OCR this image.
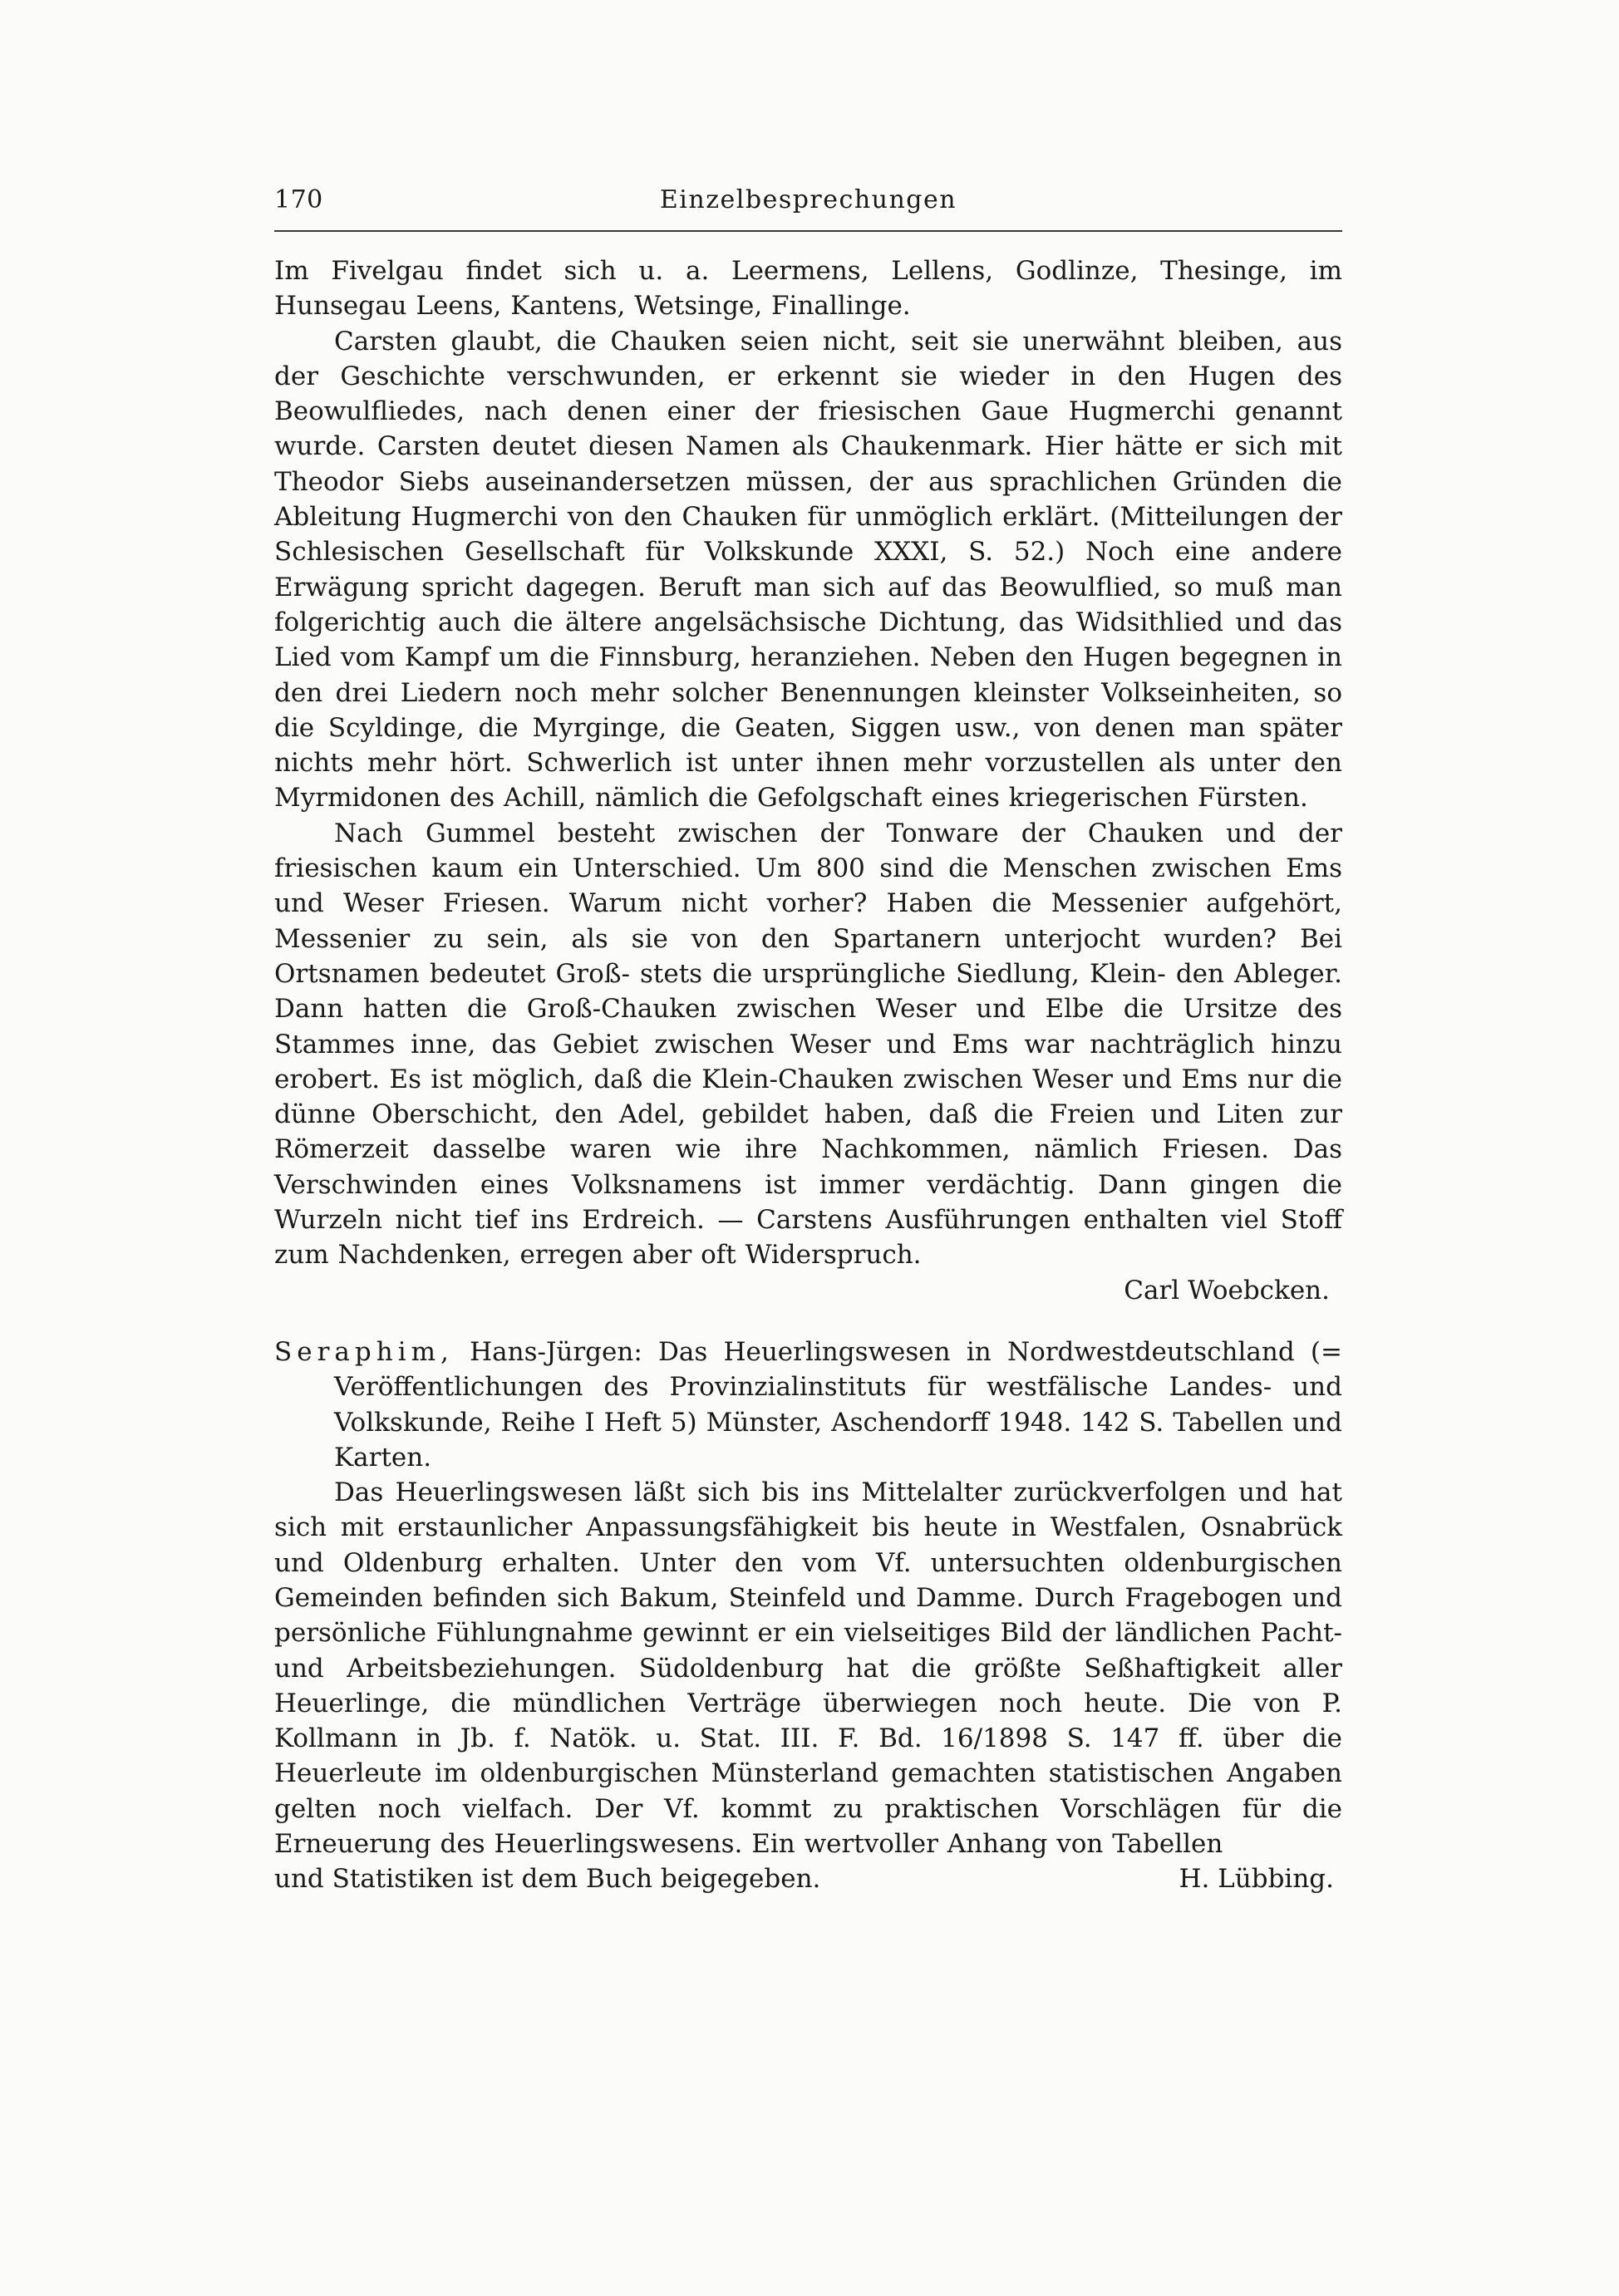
Einzelbesprechungen
170

Im Fivelgau findet sich u. a. Leermens, Lellens, Godlinze, Thesinge, im Hunsegau Leens, Kantens, Wetsinge, Finallinge.

Carsten glaubt, die Chauken seien nicht, seit sie unerwähnt bleiben, aus der Geschichte verschwunden, er erkennt sie wieder in den Hugen des Beowulfliedes, nach denen einer der friesischen Gaue Hugmerchi genannt wurde. Carsten deutet diesen Namen als Chaukenmark. Hier hätte er sich mit Theodor Siebs auseinandersetzen müssen, der aus sprachlichen Gründen die Ableitung Hugmerchi von den Chauken für unmöglich erklärt. (Mitteilungen der Schlesischen Gesellschaft für Volkskunde XXXI, S. 52.) Noch eine andere Erwägung spricht dagegen. Beruft man sich auf das Beowulflied, so muß man folgerichtig auch die ältere angelsächsische Dichtung, das Widsithlied und das Lied vom Kampf um die Finnsburg, heranziehen. Neben den Hugen begegnen in den drei Liedern noch mehr solcher Benennungen kleinster Volkseinheiten, so die Scyldinge, die Myrginge, die Geaten, Siggen usw., von denen man später nichts mehr hört. Schwerlich ist unter ihnen mehr vorzustellen als unter den Myrmidonen des Achill, nämlich die Gefolgschaft eines kriegerischen Fürsten.

Nach Gummel besteht zwischen der Tonware der Chauken und der friesischen kaum ein Unterschied. Um 800 sind die Menschen zwischen Ems und Weser Friesen. Warum nicht vorher? Haben die Messenier aufgehört, Messenier zu sein, als sie von den Spartanern unterjocht wurden? Bei Ortsnamen bedeutet Groß- stets die ursprüngliche Siedlung, Klein- den Ableger. Dann hatten die Groß-Chauken zwischen Weser und Elbe die Ursitze des Stammes inne, das Gebiet zwischen Weser und Ems war nachträglich hinzu erobert. Es ist möglich, daß die Klein-Chauken zwischen Weser und Ems nur die dünne Oberschicht, den Adel, gebildet haben, daß die Freien und Liten zur Römerzeit dasselbe waren wie ihre Nachkommen, nämlich Friesen. Das Verschwinden eines Volksnamens ist immer verdächtig. Dann gingen die Wurzeln nicht tief ins Erdreich. — Carstens Ausführungen enthalten viel Stoff zum Nachdenken, erregen aber oft Widerspruch.

Carl Woebcken.
Seraphim, Hans-Jürgen: Das Heuerlingswesen in Nordwestdeutschland (= Veröffentlichungen des Provinzialinstituts für westfälische Landes- und Volkskunde, Reihe I Heft 5) Münster, Aschendorff 1948. 142 S. Tabellen und Karten.

Das Heuerlingswesen läßt sich bis ins Mittelalter zurückverfolgen und hat sich mit erstaunlicher Anpassungsfähigkeit bis heute in Westfalen, Osnabrück und Oldenburg erhalten. Unter den vom Vf. untersuchten oldenburgischen Gemeinden befinden sich Bakum, Steinfeld und Damme. Durch Fragebogen und persönliche Fühlungnahme gewinnt er ein vielseitiges Bild der ländlichen Pacht- und Arbeitsbeziehungen. Südoldenburg hat die größte Seßhaftigkeit aller Heuerlinge, die mündlichen Verträge überwiegen noch heute. Die von P. Kollmann in Jb. f. Natök. u. Stat. III. F. Bd. 16/1898 S. 147 ff. über die Heuerleute im oldenburgischen Münsterland gemachten statistischen Angaben gelten noch vielfach. Der Vf. kommt zu praktischen Vorschlägen für die Erneuerung des Heuerlingswesens. Ein wertvoller Anhang von Tabellen

und Statistiken ist dem Buch beigegeben.	H. Lübbing.
